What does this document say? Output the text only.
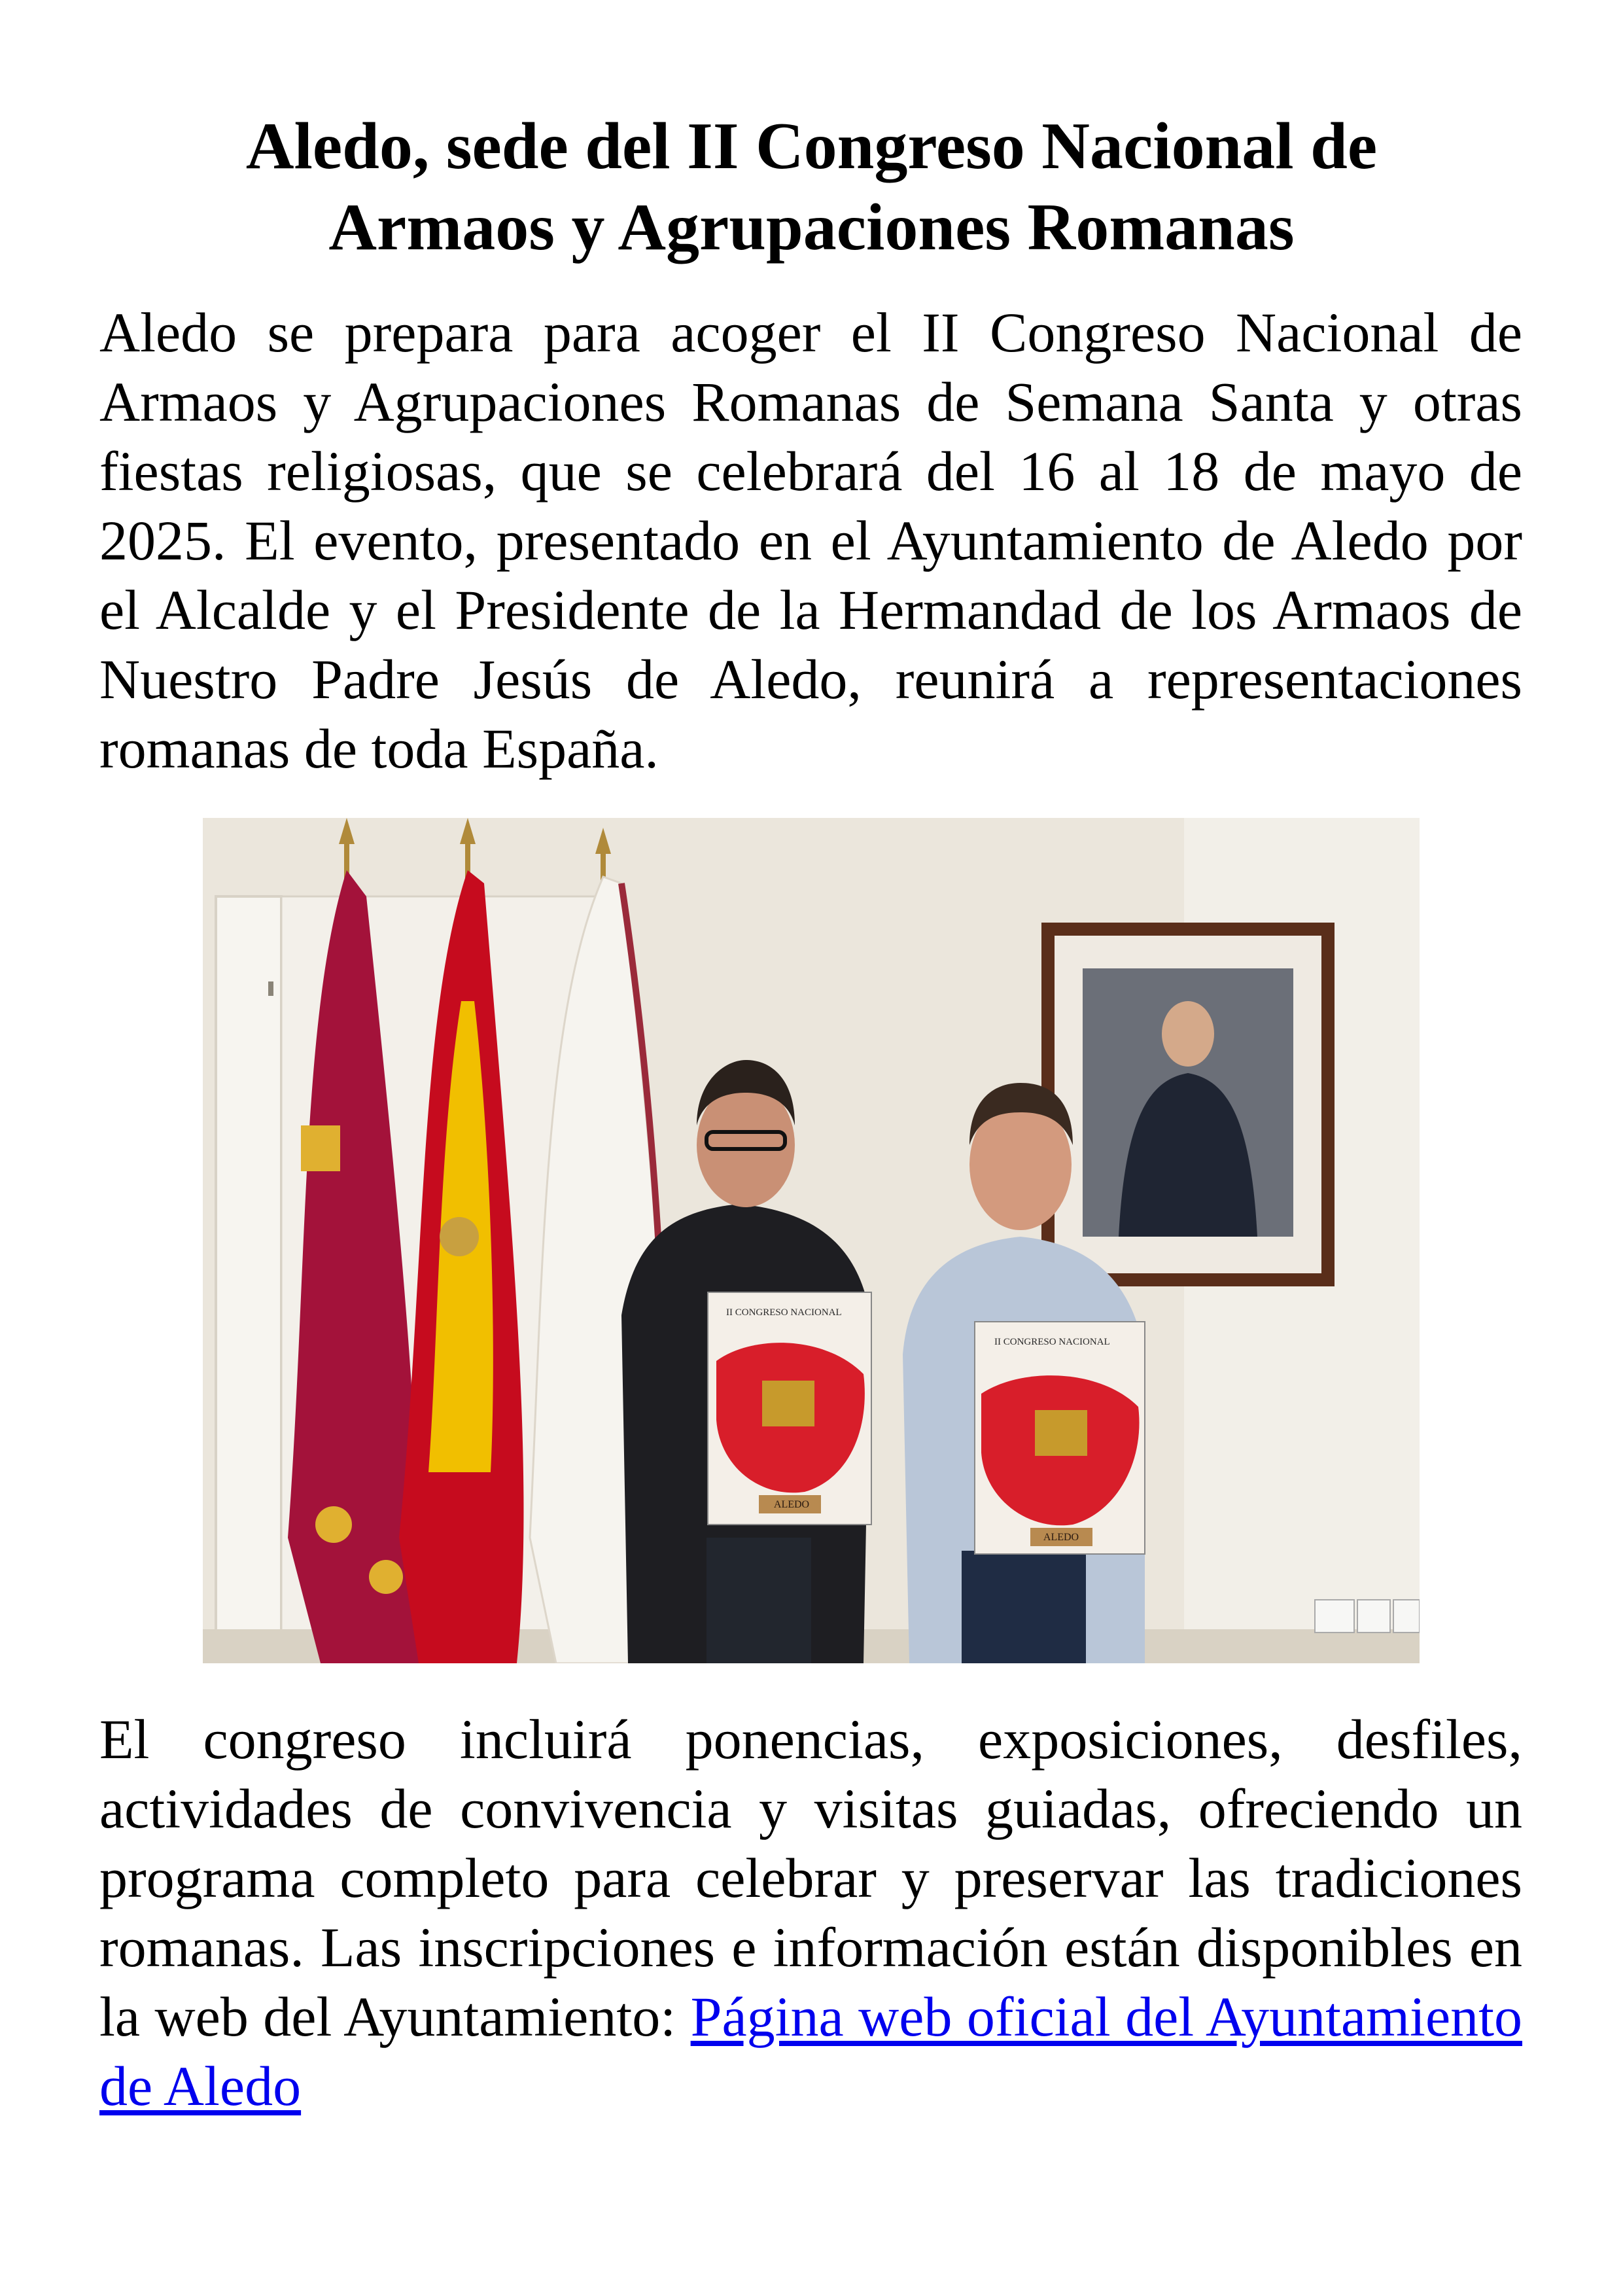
Aledo, sede del II Congreso Nacional de
Armaos y Agrupaciones Romanas

Aledo se prepara para acoger el II Congreso Nacional de Armaos y Agrupaciones Romanas de Semana Santa y otras fiestas religiosas, que se celebrará del 16 al 18 de mayo de 2025. El evento, presentado en el Ayuntamiento de Aledo por el Alcalde y el Presidente de la Hermandad de los Armaos de Nuestro Padre Jesús de Aledo, reunirá a representaciones romanas de toda España.

ALEDO
II CONGRESO NACIONAL
ALEDO
II CONGRESO NACIONAL

El congreso incluirá ponencias, exposiciones, desfiles, actividades de convivencia y visitas guiadas, ofreciendo un programa completo para celebrar y preservar las tradiciones romanas. Las inscripciones e información están disponibles en la web del Ayuntamiento: Página web oficial del Ayuntamiento de Aledo
